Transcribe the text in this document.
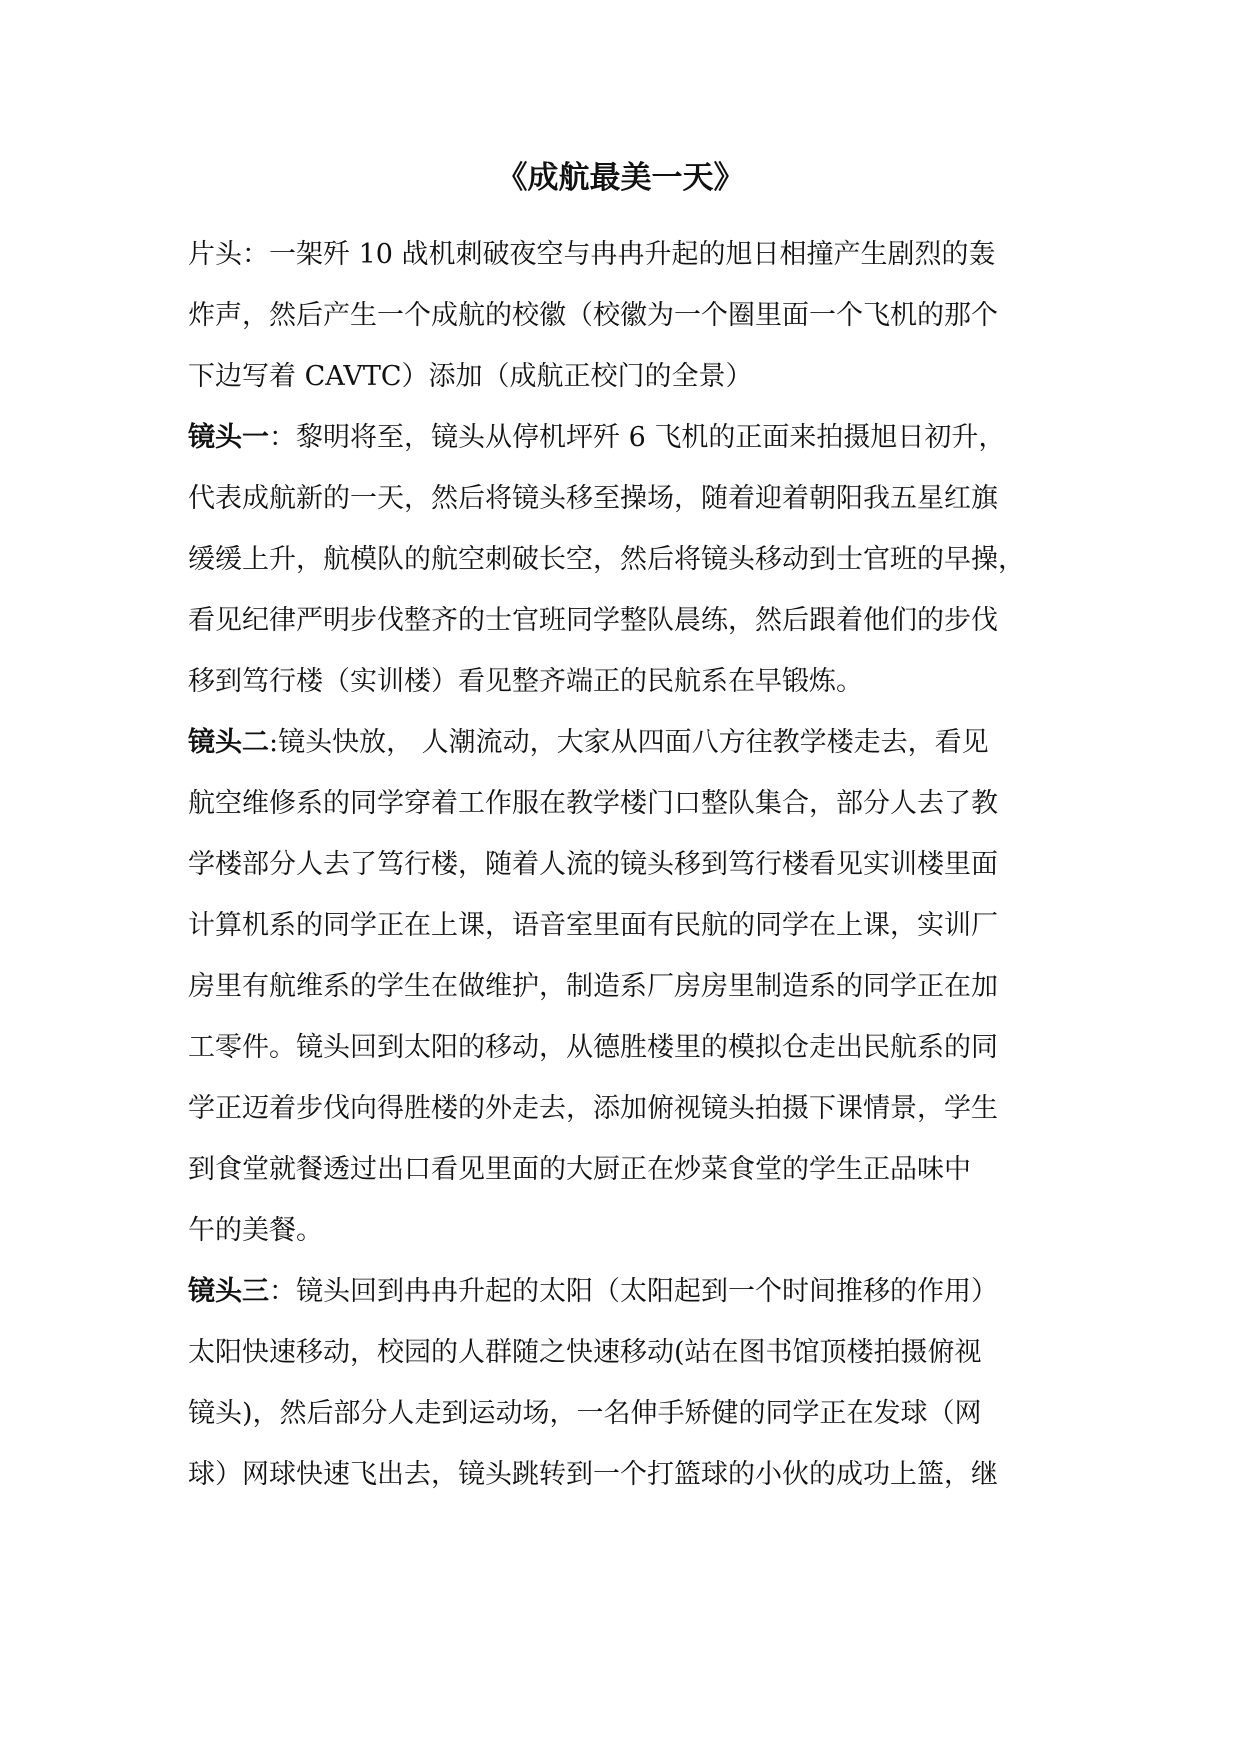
《成航最美一天》
片头：一架歼 10 战机刺破夜空与冉冉升起的旭日相撞产生剧烈的轰
炸声，然后产生一个成航的校徽（校徽为一个圈里面一个飞机的那个
下边写着 CAVTC）添加（成航正校门的全景）
镜头一：黎明将至，镜头从停机坪歼 6 飞机的正面来拍摄旭日初升，
代表成航新的一天，然后将镜头移至操场，随着迎着朝阳我五星红旗
缓缓上升，航模队的航空刺破长空，然后将镜头移动到士官班的早操，
看见纪律严明步伐整齐的士官班同学整队晨练，然后跟着他们的步伐
移到笃行楼（实训楼）看见整齐端正的民航系在早锻炼。
镜头二:镜头快放， 人潮流动，大家从四面八方往教学楼走去，看见
航空维修系的同学穿着工作服在教学楼门口整队集合，部分人去了教
学楼部分人去了笃行楼，随着人流的镜头移到笃行楼看见实训楼里面
计算机系的同学正在上课，语音室里面有民航的同学在上课，实训厂
房里有航维系的学生在做维护，制造系厂房房里制造系的同学正在加
工零件。镜头回到太阳的移动，从德胜楼里的模拟仓走出民航系的同
学正迈着步伐向得胜楼的外走去，添加俯视镜头拍摄下课情景，学生
到食堂就餐透过出口看见里面的大厨正在炒菜食堂的学生正品味中
午的美餐。
镜头三：镜头回到冉冉升起的太阳（太阳起到一个时间推移的作用）
太阳快速移动，校园的人群随之快速移动(站在图书馆顶楼拍摄俯视
镜头)，然后部分人走到运动场，一名伸手矫健的同学正在发球（网
球）网球快速飞出去，镜头跳转到一个打篮球的小伙的成功上篮，继
